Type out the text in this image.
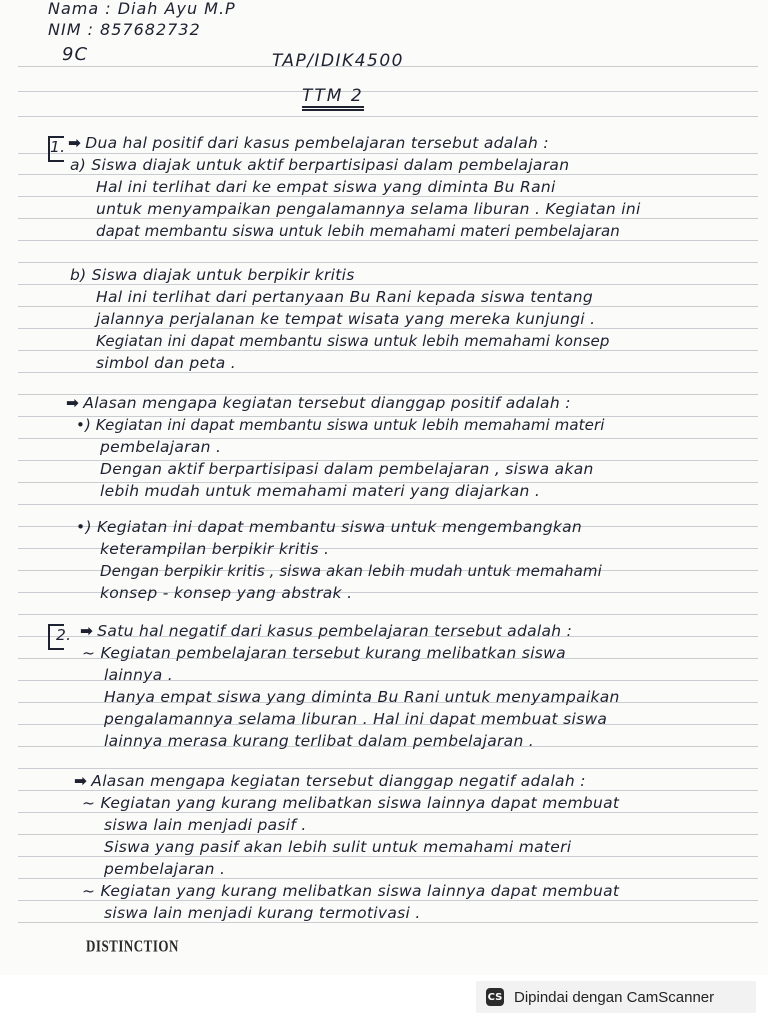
Nama : Diah Ayu M.P
NIM : 857682732
9C	TAP/IDIK4500
TTM 2
1. ➡ Dua hal positif dari kasus pembelajaran tersebut adalah :
a) Siswa diajak untuk aktif berpartisipasi dalam pembelajaran
Hal ini terlihat dari ke empat siswa yang diminta Bu Rani
untuk menyampaikan pengalamannya selama liburan . Kegiatan ini
dapat membantu siswa untuk lebih memahami materi pembelajaran
b) Siswa diajak untuk berpikir kritis
Hal ini terlihat dari pertanyaan Bu Rani kepada siswa tentang
jalannya perjalanan ke tempat wisata yang mereka kunjungi .
Kegiatan ini dapat membantu siswa untuk lebih memahami konsep
simbol dan peta .
➡ Alasan mengapa kegiatan tersebut dianggap positif adalah :
•) Kegiatan ini dapat membantu siswa untuk lebih memahami materi
pembelajaran .
Dengan aktif berpartisipasi dalam pembelajaran , siswa akan
lebih mudah untuk memahami materi yang diajarkan .
•) Kegiatan ini dapat membantu siswa untuk mengembangkan
keterampilan berpikir kritis .
Dengan berpikir kritis , siswa akan lebih mudah untuk memahami
konsep - konsep yang abstrak .
2. ➡ Satu hal negatif dari kasus pembelajaran tersebut adalah :
~ Kegiatan pembelajaran tersebut kurang melibatkan siswa
lainnya .
Hanya empat siswa yang diminta Bu Rani untuk menyampaikan
pengalamannya selama liburan . Hal ini dapat membuat siswa
lainnya merasa kurang terlibat dalam pembelajaran .
➡ Alasan mengapa kegiatan tersebut dianggap negatif adalah :
~ Kegiatan yang kurang melibatkan siswa lainnya dapat membuat
siswa lain menjadi pasif .
Siswa yang pasif akan lebih sulit untuk memahami materi
pembelajaran .
~ Kegiatan yang kurang melibatkan siswa lainnya dapat membuat
siswa lain menjadi kurang termotivasi .
DISTINCTION
CS Dipindai dengan CamScanner
